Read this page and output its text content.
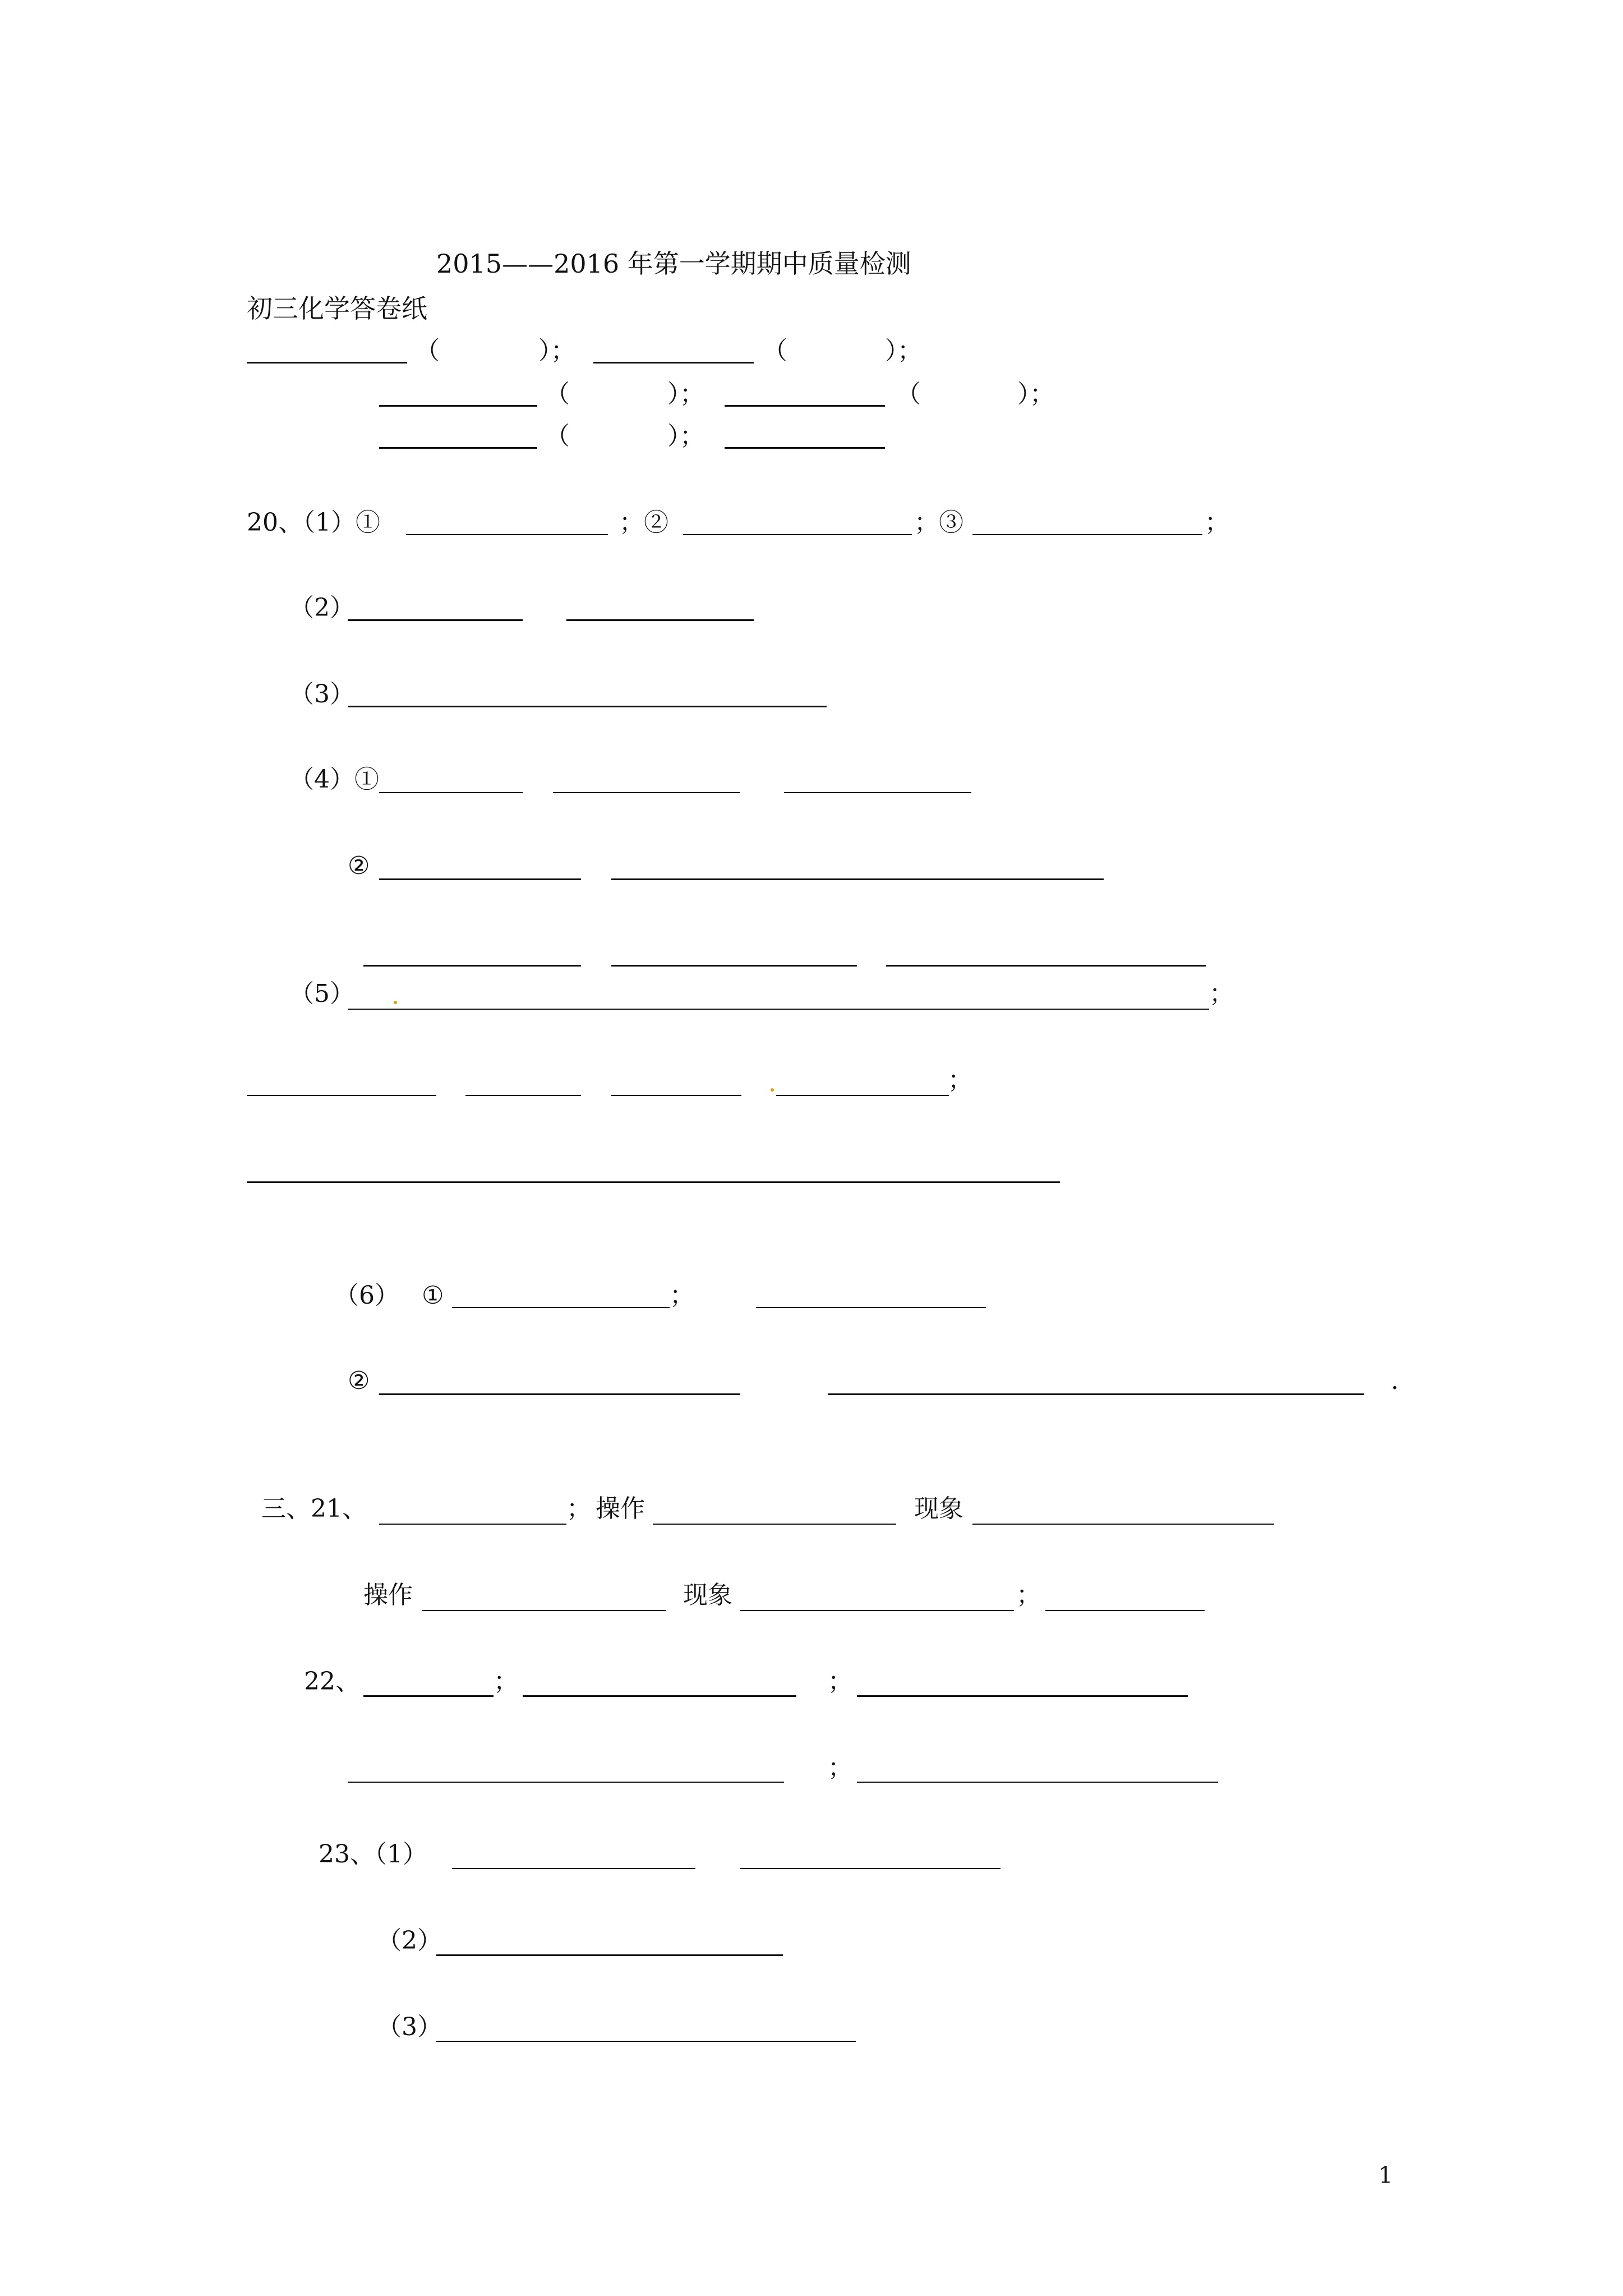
2015——2016 年第一学期期中质量检测
初三化学答卷纸
（	）；	（	）；
（	）；	（	）；
（	）；
20、（1）①	；②	；③	；
（2）
（3）
（4）①
②
（5）	；
；
（6） ①	；
②	.
三、21、	； 操作	现象
操作	现象	；
22、	；	；
；
23、（1）
（2）
（3）
1
